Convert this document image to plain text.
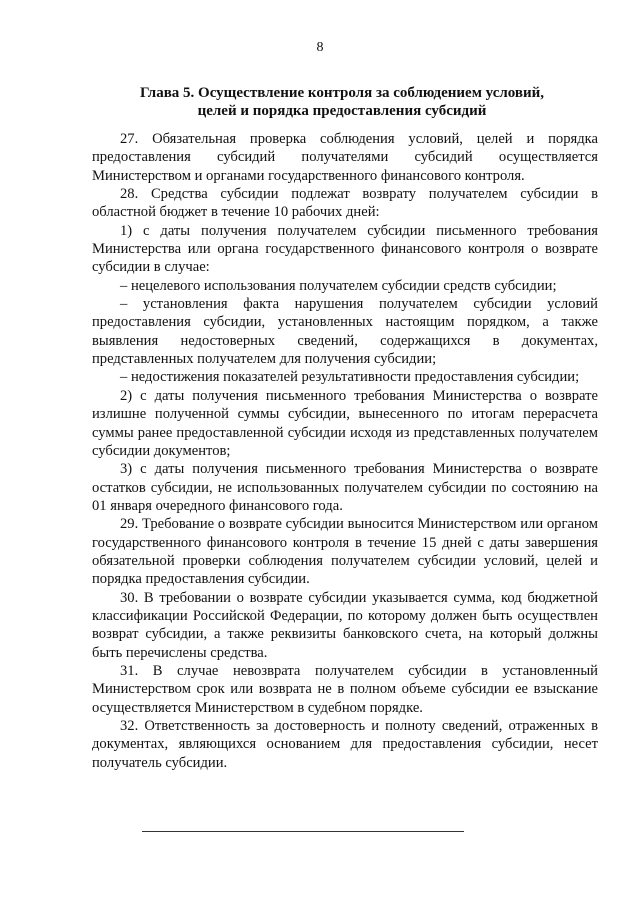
8
Глава 5. Осуществление контроля за соблюдением условий,
целей и порядка предоставления субсидий

27. Обязательная проверка соблюдения условий, целей и порядка предоставления субсидий получателями субсидий осуществляется Министерством и органами государственного финансового контроля.

28. Средства субсидии подлежат возврату получателем субсидии в областной бюджет в течение 10 рабочих дней:

1) с даты получения получателем субсидии письменного требования Министерства или органа государственного финансового контроля о возврате субсидии в случае:

– нецелевого использования получателем субсидии средств субсидии;

– установления факта нарушения получателем субсидии условий предоставления субсидии, установленных настоящим порядком, а также выявления недостоверных сведений, содержащихся в документах, представленных получателем для получения субсидии;

– недостижения показателей результативности предоставления субсидии;

2) с даты получения письменного требования Министерства о возврате излишне полученной суммы субсидии, вынесенного по итогам перерасчета суммы ранее предоставленной субсидии исходя из представленных получателем субсидии документов;

3) с даты получения письменного требования Министерства о возврате остатков субсидии, не использованных получателем субсидии по состоянию на 01 января очередного финансового года.

29. Требование о возврате субсидии выносится Министерством или органом государственного финансового контроля в течение 15 дней с даты завершения обязательной проверки соблюдения получателем субсидии условий, целей и порядка предоставления субсидии.

30. В требовании о возврате субсидии указывается сумма, код бюджетной классификации Российской Федерации, по которому должен быть осуществлен возврат субсидии, а также реквизиты банковского счета, на который должны быть перечислены средства.

31. В случае невозврата получателем субсидии в установленный Министерством срок или возврата не в полном объеме субсидии ее взыскание осуществляется Министерством в судебном порядке.

32. Ответственность за достоверность и полноту сведений, отраженных в документах, являющихся основанием для предоставления субсидии, несет получатель субсидии.
